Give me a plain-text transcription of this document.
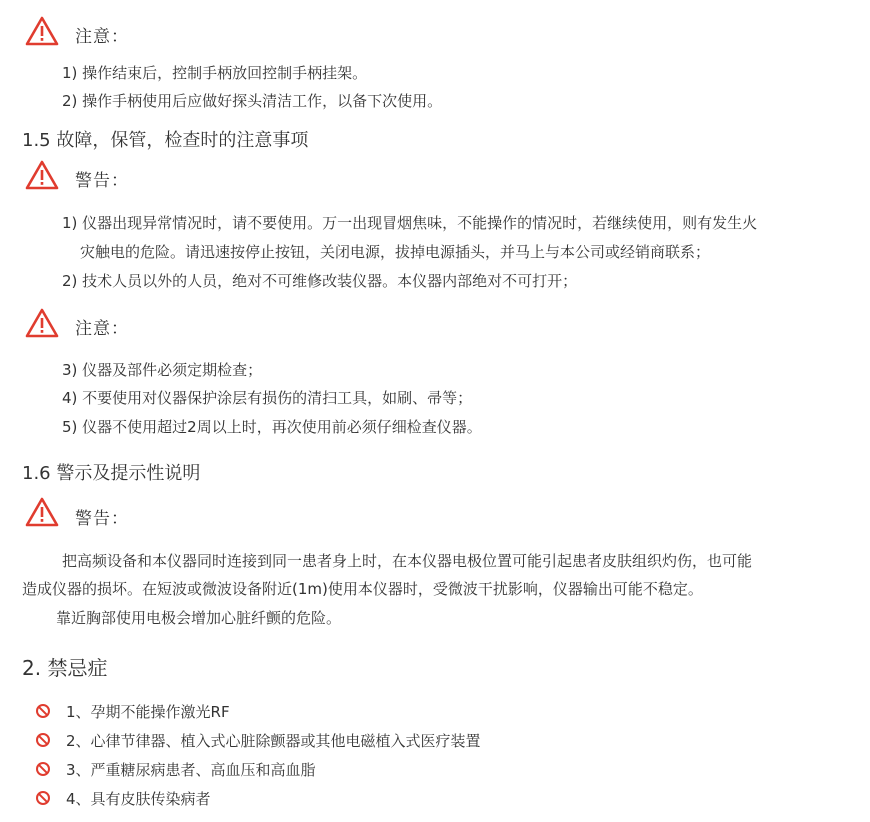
注意：
1) 操作结束后，控制手柄放回控制手柄挂架。
2) 操作手柄使用后应做好探头清洁工作，以备下次使用。
1.5 故障，保管，检查时的注意事项
警告：
1) 仪器出现异常情况时，请不要使用。万一出现冒烟焦味，不能操作的情况时，若继续使用，则有发生火
灾触电的危险。请迅速按停止按钮，关闭电源，拔掉电源插头，并马上与本公司或经销商联系；
2) 技术人员以外的人员，绝对不可维修改装仪器。本仪器内部绝对不可打开；
注意：
3) 仪器及部件必须定期检查；
4) 不要使用对仪器保护涂层有损伤的清扫工具，如刷、帚等；
5) 仪器不使用超过2周以上时，再次使用前必须仔细检查仪器。
1.6 警示及提示性说明
警告：
把高频设备和本仪器同时连接到同一患者身上时，在本仪器电极位置可能引起患者皮肤组织灼伤，也可能
造成仪器的损坏。在短波或微波设备附近(1m)使用本仪器时，受微波干扰影响，仪器输出可能不稳定。
靠近胸部使用电极会增加心脏纤颤的危险。
2. 禁忌症
1、孕期不能操作激光RF
2、心律节律器、植入式心脏除颤器或其他电磁植入式医疗装置
3、严重糖尿病患者、高血压和高血脂
4、具有皮肤传染病者
